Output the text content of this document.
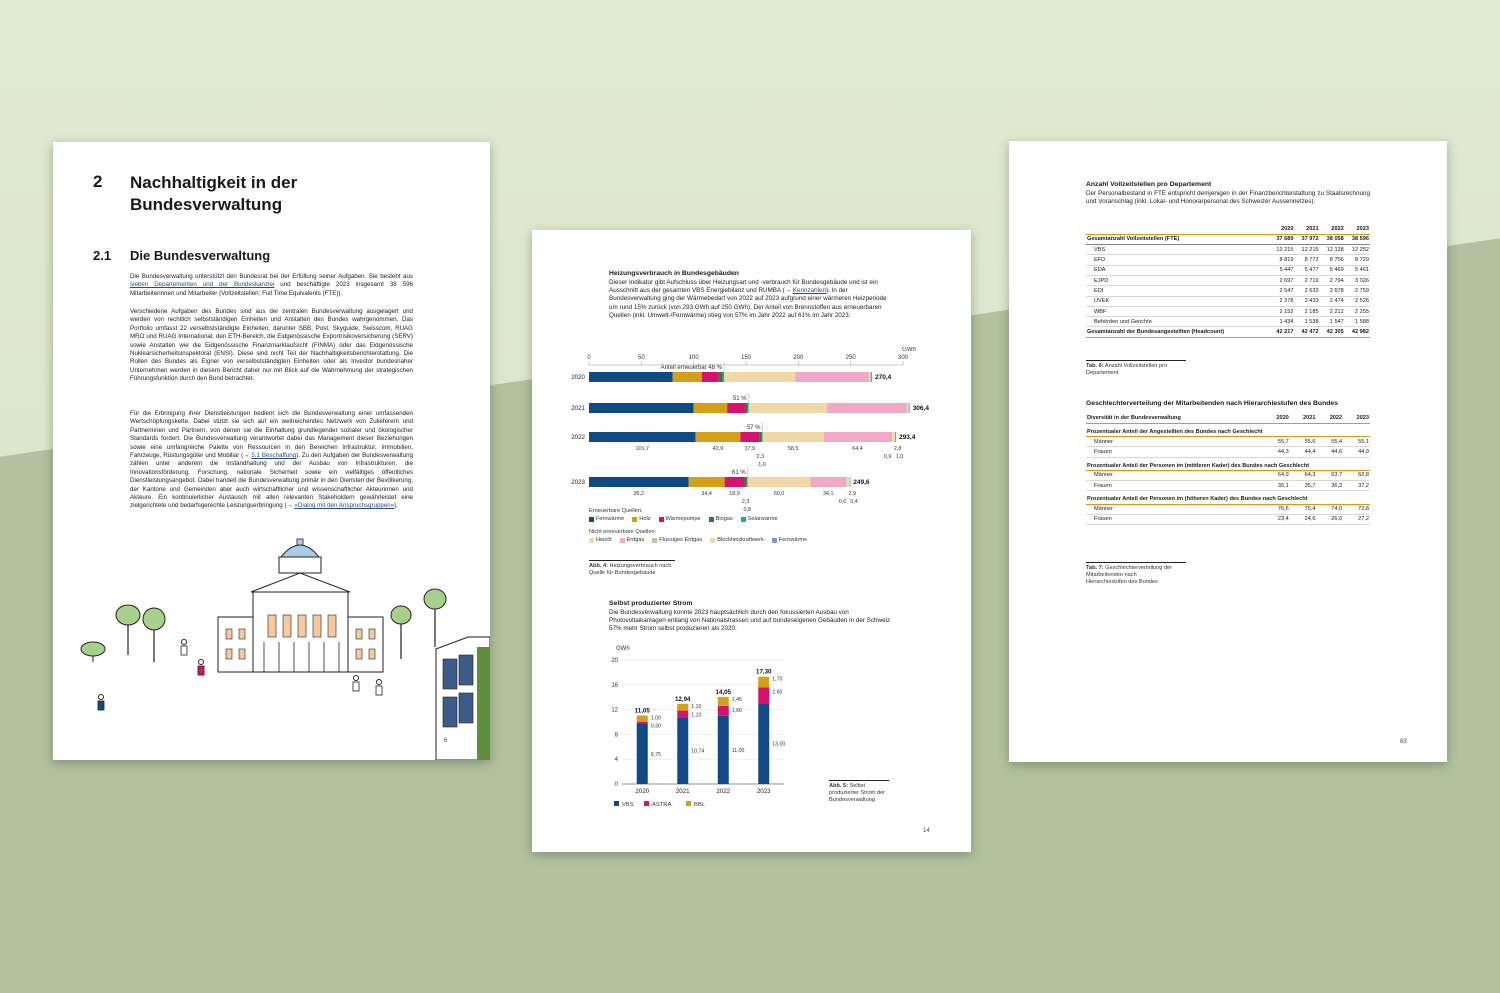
2 Nachhaltigkeit in der Bundesverwaltung
2.1 Die Bundesverwaltung
Die Bundesverwaltung unterstützt den Bundesrat bei der Erfüllung seiner Aufgaben. Sie besteht aus sieben Departementen und der Bundeskanzlei und beschäftigte 2023 insgesamt 38 596 Mitarbeiterinnen und Mitarbeiter (Vollzeitstellen; Full Time Equivalents (FTE)).
Verschiedene Aufgaben des Bundes sind aus der zentralen Bundesverwaltung ausgelagert und werden von rechtlich selbstständigen Einheiten und Anstalten des Bundes wahrgenommen. Das Portfolio umfasst 22 verselbstständigte Einheiten, darunter SBB, Post, Skyguide, Swisscom, RUAG MRO und RUAG International, den ETH-Bereich, die Eidgenössische Exportrisikoversicherung (SERV) sowie Anstalten wie die Eidgenössische Finanzmarktaufsicht (FINMA) oder das Eidgenössische Nuklearsicherheitsinspektorat (ENSI). Diese sind nicht Teil der Nachhaltigkeitsberichterstattung. Die Rollen des Bundes als Eigner von verselbstständigten Einheiten oder als Investor bundesnaher Unternehmen werden in diesem Bericht daher nur mit Blick auf die Wahrnehmung der strategischen Führungsfunktion durch den Bund betrachtet.
Für die Erbringung ihrer Dienstleistungen bedient sich die Bundesverwaltung einer umfassenden Wertschöpfungskette. Dabei stützt sie sich auf ein weitreichendes Netzwerk von Zulieferern und Partnerinnen und Partnern, von denen sie die Einhaltung grundlegender sozialer und ökologischer Standards fordert. Die Bundesverwaltung verantwortet dabei das Management dieser Beziehungen sowie eine umfangreiche Palette von Ressourcen in den Bereichen Infrastruktur, Immobilien, Fahrzeuge, Rüstungsgüter und Mobiliar (→ 5.1 Beschaffung). Zu den Aufgaben der Bundesverwaltung zählen unter anderem die Instandhaltung und der Ausbau von Infrastrukturen, die Innovationsförderung, Forschung, nationale Sicherheit sowie ein vielfältiges öffentliches Dienstleistungsangebot. Dabei handelt die Bundesverwaltung primär in den Diensten der Bevölkerung, der Kantone und Gemeinden aber auch wirtschaftlicher und wissenschaftlicher Akteurinnen und Akteure. Ein kontinuierlicher Austausch mit allen relevanten Stakeholdern gewährleistet eine zielgerichtete und bedarfsgerechte Leistungserbringung (→ «Dialog mit den Anspruchsgruppen»).
6
Heizungsverbrauch in Bundesgebäuden
Dieser Indikator gibt Aufschluss über Heizungsart und -verbrauch für Bundesgebäude und ist ein Ausschnitt aus der gesamten VBS Energiebilanz und RUMBA (→ Kennzahlen). In der Bundesverwaltung ging der Wärmebedarf von 2022 auf 2023 aufgrund einer wärmeren Heizperiode um rund 15% zurück (von 293 GWh auf 250 GWh). Der Anteil von Brennstoffen aus erneuerbaren Quellen (inkl. Umwelt-/Fernwärme) stieg von 57% im Jahr 2022 auf 61% im Jahr 2023.
0	50	100	150	200	250	300
GWh
2020	270,4
Anteil erneuerbar 48 %
2021	306,4
51 %
2022	293,4
57 %
2023	249,6
61 %
101,7	42,9	17,9
2,3
1,0
58,5	64,4
0,9
2,8
1,0
95,2	34,4	18,9
2,3
0,8
60,0	34,1
0,6
2,9
0,4
Erneuerbare Quellen:
Fernwärme	Holz	Wärmepumpe	Biogas	Solarwärme
Nicht erneuerbare Quellen:
Heizöl	Erdgas	Flüssiges Erdgas	Blockheizkraftwerk	Fernwärme
Abb. 4: Heizungsverbrauch nach Quelle für Bundesgebäude
Selbst produzierter Strom
Die Bundesverwaltung konnte 2023 hauptsächlich durch den fokussierten Ausbau von Photovoltaikanlagen entlang von Nationalstrassen und auf bundeseigenen Gebäuden in der Schweiz 57% mehr Strom selbst produzieren als 2020.
GWh
0
4
8
12
16
20
9,75
0,30
1,00
11,05
2020
10,74
1,10
1,10
12,94
2021
11,00
1,60
1,45
14,05
2022
13,00
2,60
1,70
17,30
2023
VBS	ASTRA	BBL
Abb. 5: Selbst produzierter Strom der Bundesverwaltung
14
Anzahl Vollzeitstellen pro Departement
Der Personalbestand in FTE entspricht demjenigen in der Finanzberichterstattung zu Staatsrechnung und Voranschlag (inkl. Lokal- und Honorarpersonal des Schweizer Aussennetzes).
	2020	2021	2022	2023
Gesamtanzahl Vollzeitstellen (FTE)	37 689	37 972	38 058	38 596
VBS	12 215	12 215	12 128	12 252
EFD	8 819	8 772	8 756	8 729
EDA	5 447	5 477	5 469	5 461
EJPD	2 697	2 719	2 794	3 026
EDI	2 547	2 633	2 678	2 759
UVEK	2 378	2 433	2 474	2 526
WBF	2 152	2 185	2 212	2 255
Behörden und Gerichte	1 434	1 538	1 547	1 588
Gesamtanzahl der Bundesangestellten (Headcount)	42 217	42 472	42 305	42 982
Tab. 6: Anzahl Vollzeitstellen pro Departement
Geschlechterverteilung der Mitarbeitenden nach Hierarchiestufen des Bundes
Diversität in der Bundesverwaltung	2020	2021	2022	2023
Prozentualer Anteil der Angestellten des Bundes nach Geschlecht				
Männer	55,7	55,6	55,4	55,1
Frauen	44,3	44,4	44,6	44,9
Prozentualer Anteil der Personen im (mittleren Kader) des Bundes nach Geschlecht				
Männer	64,9	64,3	63,7	62,8
Frauen	35,1	35,7	36,3	37,2
Prozentualer Anteil der Personen im (höheren Kader) des Bundes nach Geschlecht				
Männer	76,6	75,4	74,0	72,8
Frauen	23,4	24,6	26,0	27,2
Tab. 7: Geschlechterverteilung der Mitarbeitenden nach Hierarchiestufen des Bundes
63
